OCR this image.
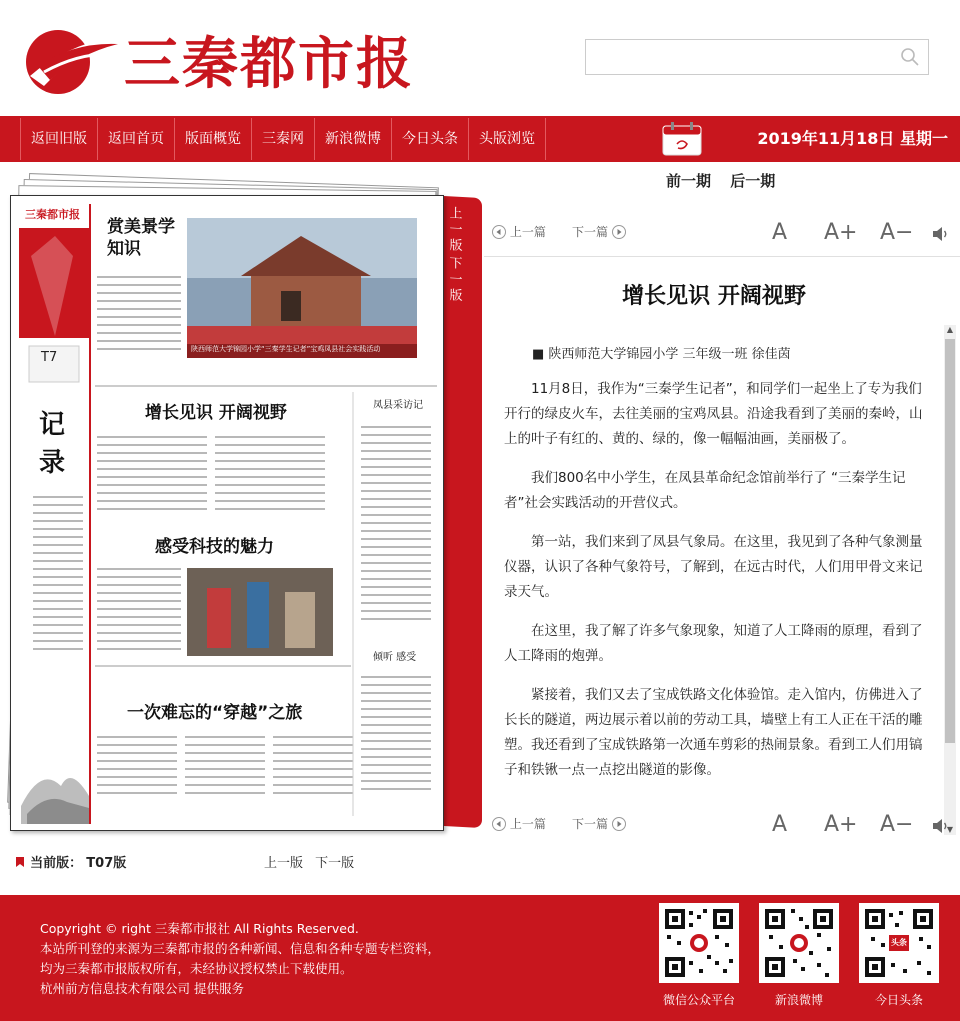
三秦都市报
返回旧版	返回首页	版面概览	三秦网	新浪微博	今日头条	头版浏览	2019年11月18日 星期一
前一期 后一期
上一版
下一版
三秦都市报
T7
记录
赏美景学知识
陕西师范大学锦园小学“三秦学生记者”宝鸡凤县社会实践活动
增长见识 开阔视野	凤县采访记
感受科技的魅力
倾听 感受
一次难忘的“穿越”之旅
上一篇 下一篇	A A+ A−
增长见识 开阔视野
■ 陕西师范大学锦园小学 三年级一班 徐佳茵

11月8日，我作为“三秦学生记者”，和同学们一起坐上了专为我们开行的绿皮火车，去往美丽的宝鸡凤县。沿途我看到了美丽的秦岭，山上的叶子有红的、黄的、绿的，像一幅幅油画，美丽极了。

我们800名中小学生，在凤县革命纪念馆前举行了 “三秦学生记者”社会实践活动的开营仪式。

第一站，我们来到了凤县气象局。在这里，我见到了各种气象测量仪器，认识了各种气象符号，了解到，在远古时代，人们用甲骨文来记录天气。

在这里，我了解了许多气象现象，知道了人工降雨的原理，看到了人工降雨的炮弹。

紧接着，我们又去了宝成铁路文化体验馆。走入馆内，仿佛进入了长长的隧道，两边展示着以前的劳动工具，墙壁上有工人正在干活的雕塑。我还看到了宝成铁路第一次通车剪彩的热闹景象。看到工人们用镐子和铁锹一点一点挖出隧道的影像。

▲
▼
上一篇 下一篇	A A+ A−
当前版： T07版	上一版 下一版
Copyright © right 三秦都市报社 All Rights Reserved.
本站所刊登的来源为三秦都市报的各种新闻、信息和各种专题专栏资料，
均为三秦都市报版权所有，未经协议授权禁止下载使用。
杭州前方信息技术有限公司 提供服务
微信公众平台	新浪微博
头条
今日头条
